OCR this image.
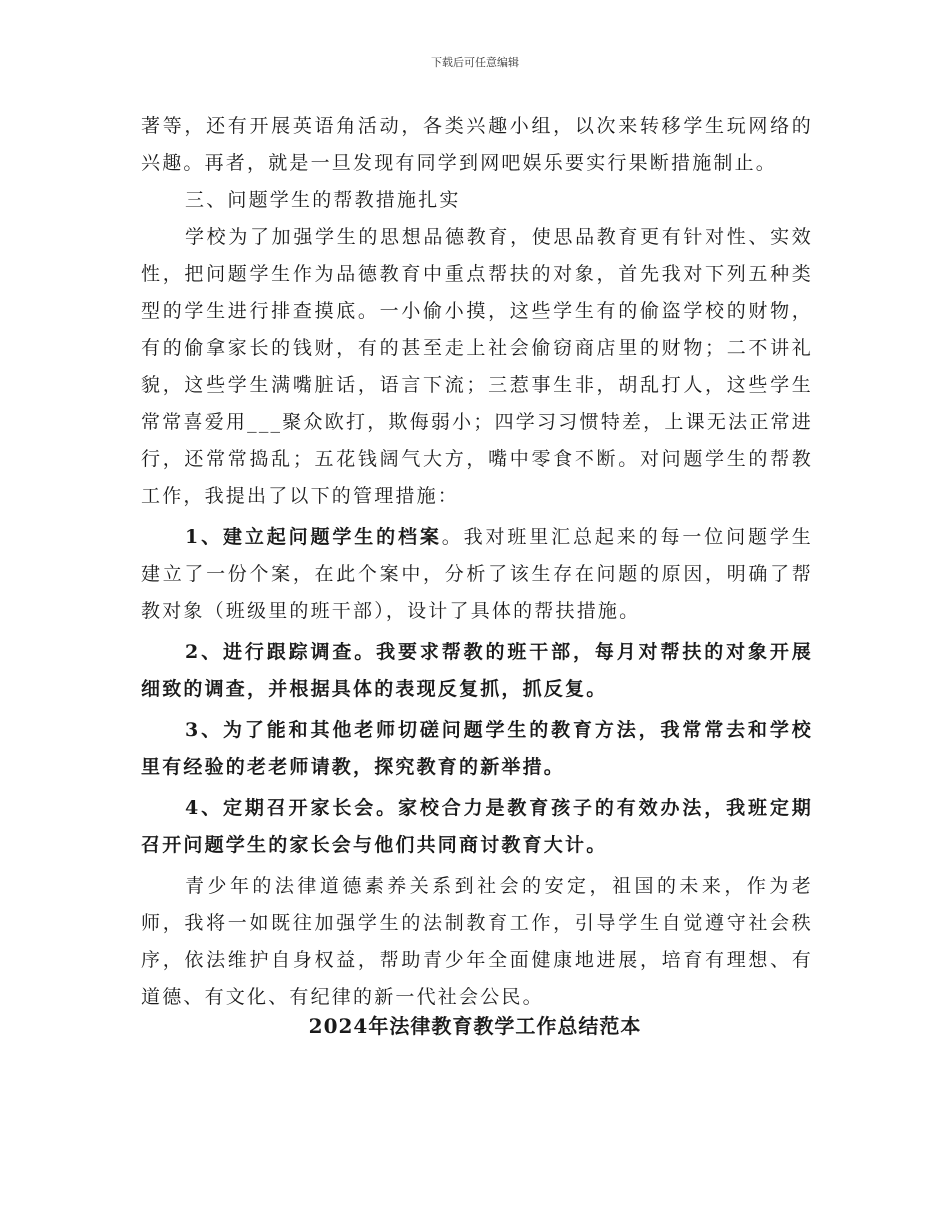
下载后可任意编辑

著等，还有开展英语角活动，各类兴趣小组，以次来转移学生玩网络的兴趣。再者，就是一旦发现有同学到网吧娱乐要实行果断措施制止。

三、问题学生的帮教措施扎实

学校为了加强学生的思想品德教育，使思品教育更有针对性、实效性，把问题学生作为品德教育中重点帮扶的对象，首先我对下列五种类型的学生进行排查摸底。一小偷小摸，这些学生有的偷盗学校的财物，有的偷拿家长的钱财，有的甚至走上社会偷窃商店里的财物；二不讲礼貌，这些学生满嘴脏话，语言下流；三惹事生非，胡乱打人，这些学生常常喜爱用___聚众欧打，欺侮弱小；四学习习惯特差，上课无法正常进行，还常常捣乱；五花钱阔气大方，嘴中零食不断。对问题学生的帮教工作，我提出了以下的管理措施：

1、建立起问题学生的档案。我对班里汇总起来的每一位问题学生建立了一份个案，在此个案中，分析了该生存在问题的原因，明确了帮教对象（班级里的班干部），设计了具体的帮扶措施。

2、进行跟踪调查。我要求帮教的班干部，每月对帮扶的对象开展细致的调查，并根据具体的表现反复抓，抓反复。

3、为了能和其他老师切磋问题学生的教育方法，我常常去和学校里有经验的老老师请教，探究教育的新举措。

4、定期召开家长会。家校合力是教育孩子的有效办法，我班定期召开问题学生的家长会与他们共同商讨教育大计。

青少年的法律道德素养关系到社会的安定，祖国的未来，作为老师，我将一如既往加强学生的法制教育工作，引导学生自觉遵守社会秩序，依法维护自身权益，帮助青少年全面健康地进展，培育有理想、有道德、有文化、有纪律的新一代社会公民。

2024年法律教育教学工作总结范本
